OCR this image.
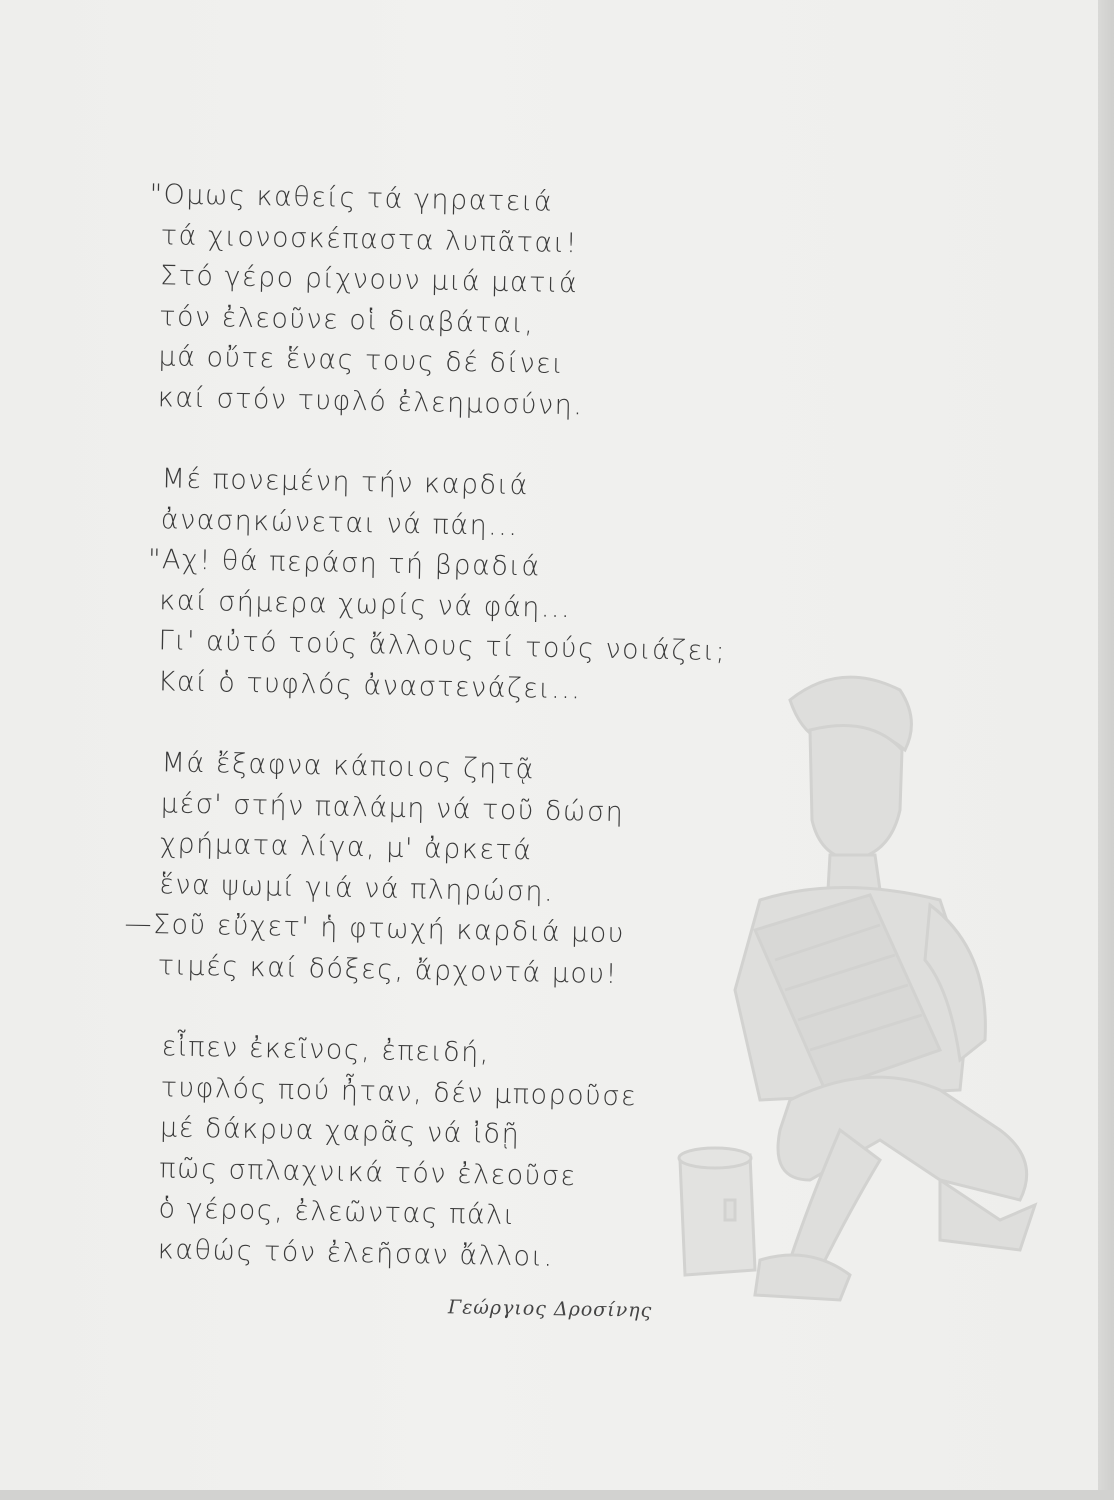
"Ομως καθείς τά γηρατειά
τά χιονοσκέπαστα λυπᾶται!
Στό γέρο ρίχνουν μιά ματιά
τόν ἐλεοῦνε οἱ διαβάται,
μά οὔτε ἕνας τους δέ δίνει
καί στόν τυφλό ἐλεημοσύνη.
Μέ πονεμένη τήν καρδιά
ἀνασηκώνεται νά πάη...
"Αχ! θά περάση τή βραδιά
καί σήμερα χωρίς νά φάη...
Γι' αὐτό τούς ἄλλους τί τούς νοιάζει;
Καί ὁ τυφλός ἀναστενάζει...
Μά ἔξαφνα κάποιος ζητᾷ
μέσ' στήν παλάμη νά τοῦ δώση
χρήματα λίγα, μ' ἀρκετά
ἕνα ψωμί γιά νά πληρώση.
—Σοῦ εὔχετ' ἡ φτωχή καρδιά μου
τιμές καί δόξες, ἄρχοντά μου!
εἶπεν ἐκεῖνος, ἐπειδή,
τυφλός πού ἦταν, δέν μποροῦσε
μέ δάκρυα χαρᾶς νά ἰδῇ
πῶς σπλαχνικά τόν ἐλεοῦσε
ὁ γέρος, ἐλεῶντας πάλι
καθώς τόν ἐλεῆσαν ἄλλοι.
Γεώργιος Δροσίνης
